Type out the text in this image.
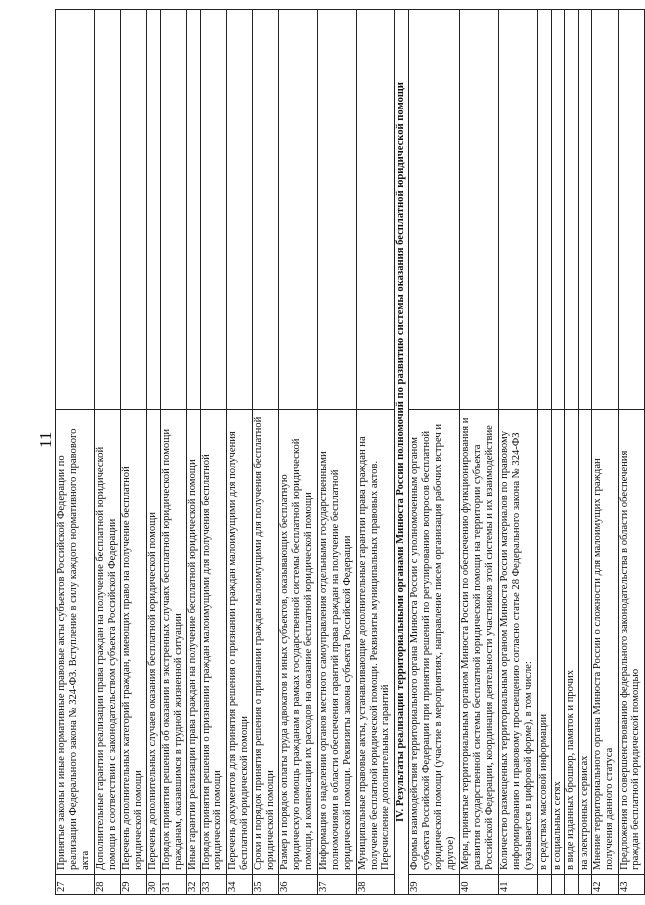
11
27	Принятые законы и иные нормативные правовые акты субъектов Российской Федерации по реализации Федерального закона № 324-ФЗ. Вступление в силу каждого нормативного правового акта	
28	Дополнительные гарантии реализации права граждан на получение бесплатной юридической помощи в соответствии с законодательством субъекта Российской Федерации	
29	Перечень дополнительных категорий граждан, имеющих право на получение бесплатной юридической помощи	
30	Перечень дополнительных случаев оказания бесплатной юридической помощи	
31	Порядок принятия решений об оказании в экстренных случаях бесплатной юридической помощи гражданам, оказавшимся в трудной жизненной ситуации	
32	Иные гарантии реализации права граждан на получение бесплатной юридической помощи	
33	Порядок принятия решения о признании граждан малоимущими для получения бесплатной юридической помощи	
34	Перечень документов для принятия решения о признании граждан малоимущими для получения бесплатной юридической помощи	
35	Сроки и порядок принятия решения о признании граждан малоимущими для получения бесплатной юридической помощи	
36	Размер и порядок оплаты труда адвокатов и иных субъектов, оказывающих бесплатную юридическую помощь гражданам в рамках государственной системы бесплатной юридической помощи, и компенсации их расходов на оказание бесплатной юридической помощи	
37	Информация о наделении органов местного самоуправления отдельными государственными полномочиями в области обеспечения гарантий права граждан на получение бесплатной юридической помощи. Реквизиты закона субъекта Российской Федерации	
38	Муниципальные правовые акты, устанавливающие дополнительные гарантии права граждан на получение бесплатной юридической помощи. Реквизиты муниципальных правовых актов. Перечисление дополнительных гарантий	
IV. Результаты реализации территориальными органами Минюста России полномочий по развитию системы оказания бесплатной юридической помощи		
39	Формы взаимодействия территориального органа Минюста России с уполномоченным органом субъекта Российской Федерации при принятии решений по регулированию вопросов бесплатной юридической помощи (участие в мероприятиях, направление писем организация рабочих встреч и другое)	
40	Меры, принятые территориальным органом Минюста России по обеспечению функционирования и развития государственной системы бесплатной юридической помощи на территории субъекта Российской Федерации, координация деятельности участников этой системы и их взаимодействие	
41	Количество размещенных территориальным органом Минюста России материалов по правовому информированию и правовому просвещению согласно статье 28 Федерального закона № 324-ФЗ (указывается в цифровой форме), в том числе:	
	в средствах массовой информации	
	в социальных сетях	
	в виде изданных брошюр, памяток и прочих	
	на электронных сервисах	
42	Мнение территориального органа Минюста России о сложности для малоимущих граждан получения данного статуса	
43	Предложения по совершенствованию федерального законодательства в области обеспечения граждан бесплатной юридической помощью	
